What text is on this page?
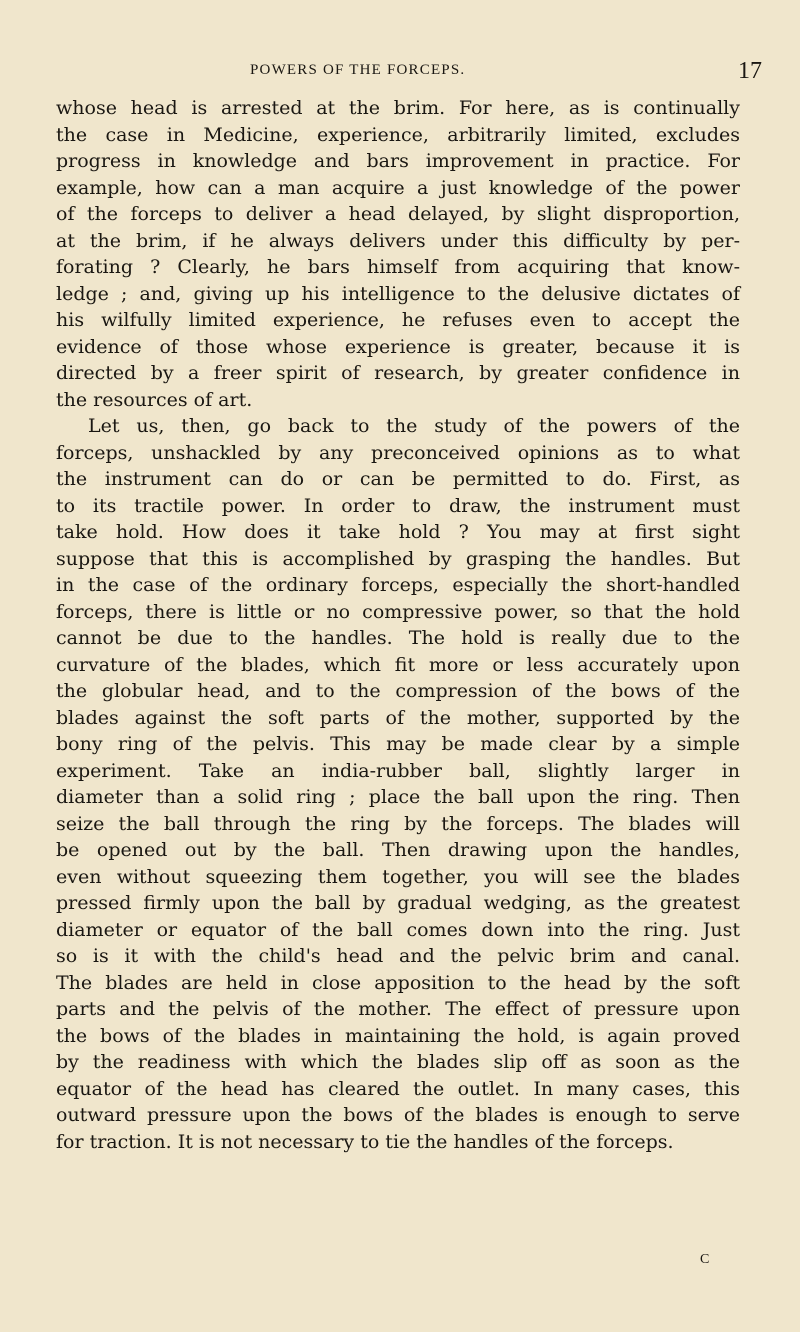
POWERS OF THE FORCEPS.	17
whose head is arrested at the brim. For here, as is continually
the case in Medicine, experience, arbitrarily limited, excludes
progress in knowledge and bars improvement in practice. For
example, how can a man acquire a just knowledge of the power
of the forceps to deliver a head delayed, by slight disproportion,
at the brim, if he always delivers under this difficulty by per-
forating ? Clearly, he bars himself from acquiring that know-
ledge ; and, giving up his intelligence to the delusive dictates of
his wilfully limited experience, he refuses even to accept the
evidence of those whose experience is greater, because it is
directed by a freer spirit of research, by greater confidence in
the resources of art.
Let us, then, go back to the study of the powers of the
forceps, unshackled by any preconceived opinions as to what
the instrument can do or can be permitted to do. First, as
to its tractile power. In order to draw, the instrument must
take hold. How does it take hold ? You may at first sight
suppose that this is accomplished by grasping the handles. But
in the case of the ordinary forceps, especially the short-handled
forceps, there is little or no compressive power, so that the hold
cannot be due to the handles. The hold is really due to the
curvature of the blades, which fit more or less accurately upon
the globular head, and to the compression of the bows of the
blades against the soft parts of the mother, supported by the
bony ring of the pelvis. This may be made clear by a simple
experiment. Take an india-rubber ball, slightly larger in
diameter than a solid ring ; place the ball upon the ring. Then
seize the ball through the ring by the forceps. The blades will
be opened out by the ball. Then drawing upon the handles,
even without squeezing them together, you will see the blades
pressed firmly upon the ball by gradual wedging, as the greatest
diameter or equator of the ball comes down into the ring. Just
so is it with the child's head and the pelvic brim and canal.
The blades are held in close apposition to the head by the soft
parts and the pelvis of the mother. The effect of pressure upon
the bows of the blades in maintaining the hold, is again proved
by the readiness with which the blades slip off as soon as the
equator of the head has cleared the outlet. In many cases, this
outward pressure upon the bows of the blades is enough to serve
for traction. It is not necessary to tie the handles of the forceps.
C
